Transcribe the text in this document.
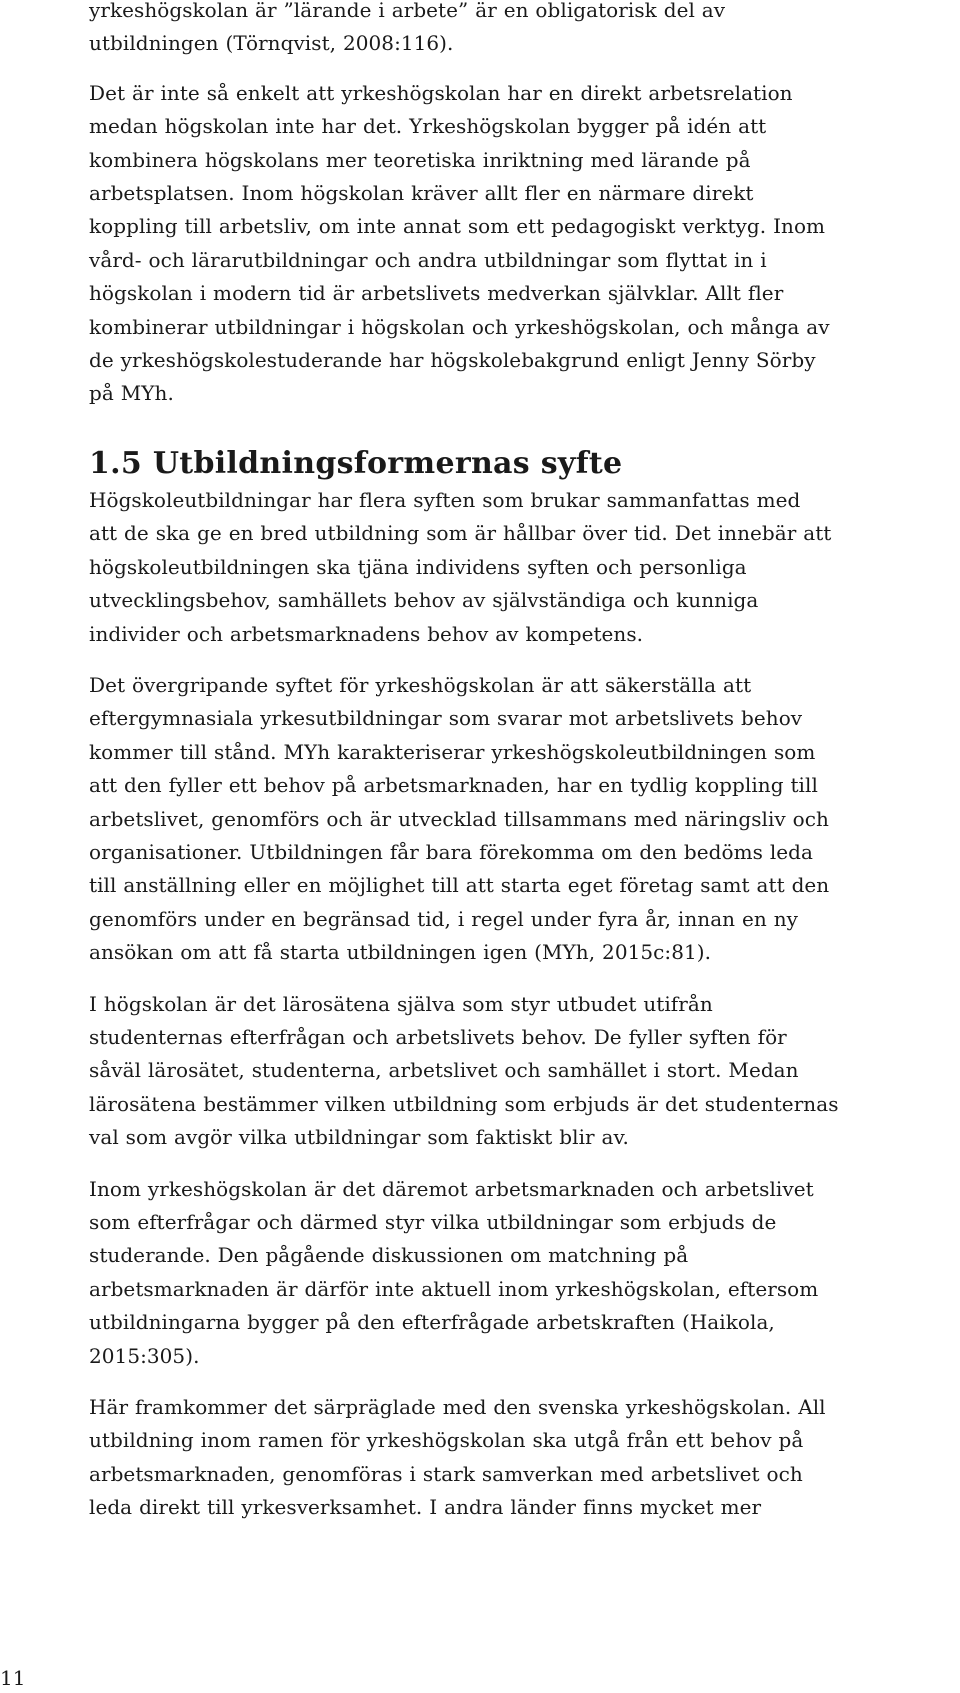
yrkeshögskolan är ”lärande i arbete” är en obligatorisk del av
utbildningen (Törnqvist, 2008:116).

Det är inte så enkelt att yrkeshögskolan har en direkt arbetsrelation
medan högskolan inte har det. Yrkeshögskolan bygger på idén att
kombinera högskolans mer teoretiska inriktning med lärande på
arbetsplatsen. Inom högskolan kräver allt fler en närmare direkt
koppling till arbetsliv, om inte annat som ett pedagogiskt verktyg. Inom
vård- och lärarutbildningar och andra utbildningar som flyttat in i
högskolan i modern tid är arbetslivets medverkan självklar. Allt fler
kombinerar utbildningar i högskolan och yrkeshögskolan, och många av
de yrkeshögskolestuderande har högskolebakgrund enligt Jenny Sörby
på MYh.

1.5 Utbildningsformernas syfte

Högskoleutbildningar har flera syften som brukar sammanfattas med
att de ska ge en bred utbildning som är hållbar över tid. Det innebär att
högskoleutbildningen ska tjäna individens syften och personliga
utvecklingsbehov, samhällets behov av självständiga och kunniga
individer och arbetsmarknadens behov av kompetens.

Det övergripande syftet för yrkeshögskolan är att säkerställa att
eftergymnasiala yrkesutbildningar som svarar mot arbetslivets behov
kommer till stånd. MYh karakteriserar yrkeshögskoleutbildningen som
att den fyller ett behov på arbetsmarknaden, har en tydlig koppling till
arbetslivet, genomförs och är utvecklad tillsammans med näringsliv och
organisationer. Utbildningen får bara förekomma om den bedöms leda
till anställning eller en möjlighet till att starta eget företag samt att den
genomförs under en begränsad tid, i regel under fyra år, innan en ny
ansökan om att få starta utbildningen igen (MYh, 2015c:81).

I högskolan är det lärosätena själva som styr utbudet utifrån
studenternas efterfrågan och arbetslivets behov. De fyller syften för
såväl lärosätet, studenterna, arbetslivet och samhället i stort. Medan
lärosätena bestämmer vilken utbildning som erbjuds är det studenternas
val som avgör vilka utbildningar som faktiskt blir av.

Inom yrkeshögskolan är det däremot arbetsmarknaden och arbetslivet
som efterfrågar och därmed styr vilka utbildningar som erbjuds de
studerande. Den pågående diskussionen om matchning på
arbetsmarknaden är därför inte aktuell inom yrkeshögskolan, eftersom
utbildningarna bygger på den efterfrågade arbetskraften (Haikola,
2015:305).

Här framkommer det särpräglade med den svenska yrkeshögskolan. All
utbildning inom ramen för yrkeshögskolan ska utgå från ett behov på
arbetsmarknaden, genomföras i stark samverkan med arbetslivet och
leda direkt till yrkesverksamhet. I andra länder finns mycket mer

11
